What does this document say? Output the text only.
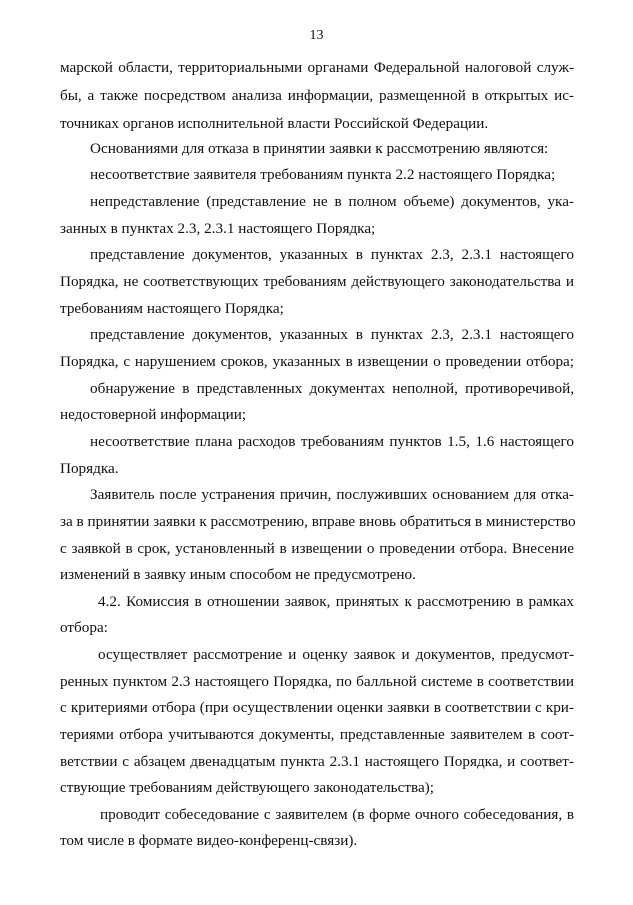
13
марской области, территориальными органами Федеральной налоговой служ-
бы, а также посредством анализа информации, размещенной в открытых ис-
точниках органов исполнительной власти Российской Федерации.
Основаниями для отказа в принятии заявки к рассмотрению являются:
несоответствие заявителя требованиям пункта 2.2 настоящего Порядка;
непредставление (представление не в полном объеме) документов, ука-
занных в пунктах 2.3, 2.3.1 настоящего Порядка;
представление документов, указанных в пунктах 2.3, 2.3.1 настоящего
Порядка, не соответствующих требованиям действующего законодательства и
требованиям настоящего Порядка;
представление документов, указанных в пунктах 2.3, 2.3.1 настоящего
Порядка, с нарушением сроков, указанных в извещении о проведении отбора;
обнаружение в представленных документах неполной, противоречивой,
недостоверной информации;
несоответствие плана расходов требованиям пунктов 1.5, 1.6 настоящего
Порядка.
Заявитель после устранения причин, послуживших основанием для отка-
за в принятии заявки к рассмотрению, вправе вновь обратиться в министерство
с заявкой в срок, установленный в извещении о проведении отбора. Внесение
изменений в заявку иным способом не предусмотрено.
4.2. Комиссия в отношении заявок, принятых к рассмотрению в рамках
отбора:
осуществляет рассмотрение и оценку заявок и документов, предусмот-
ренных пунктом 2.3 настоящего Порядка, по балльной системе в соответствии
с критериями отбора (при осуществлении оценки заявки в соответствии с кри-
териями отбора учитываются документы, представленные заявителем в соот-
ветствии с абзацем двенадцатым пункта 2.3.1 настоящего Порядка, и соответ-
ствующие требованиям действующего законодательства);
проводит собеседование с заявителем (в форме очного собеседования, в
том числе в формате видео-конференц-связи).
